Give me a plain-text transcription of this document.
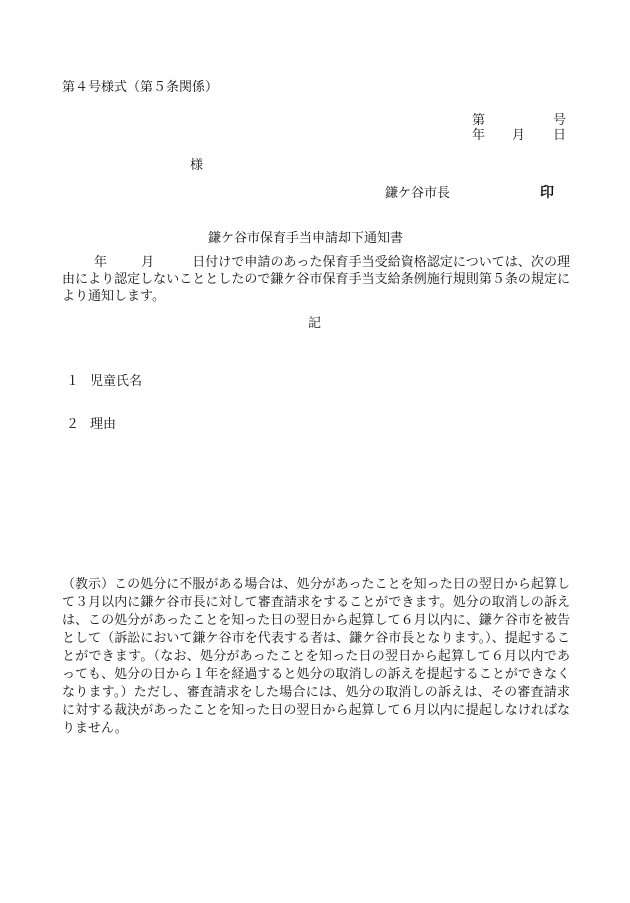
第４号様式（第５条関係）
第	号
年 月 日
様
鎌ケ谷市長	印
鎌ケ谷市保育手当申請却下通知書
年	月	日付けで申請のあった保育手当受給資格認定については、次の理由により認定しないこととしたので鎌ケ谷市保育手当支給条例施行規則第５条の規定により通知します。
記
１ 児童氏名
２ 理由
（教示）この処分に不服がある場合は、処分があったことを知った日の翌日から起算して３月以内に鎌ケ谷市長に対して審査請求をすることができます。処分の取消しの訴えは、この処分があったことを知った日の翌日から起算して６月以内に、鎌ケ谷市を被告として（訴訟において鎌ケ谷市を代表する者は、鎌ケ谷市長となります。）、提起することができます。（なお、処分があったことを知った日の翌日から起算して６月以内であっても、処分の日から１年を経過すると処分の取消しの訴えを提起することができなくなります。）ただし、審査請求をした場合には、処分の取消しの訴えは、その審査請求に対する裁決があったことを知った日の翌日から起算して６月以内に提起しなければなりません。
